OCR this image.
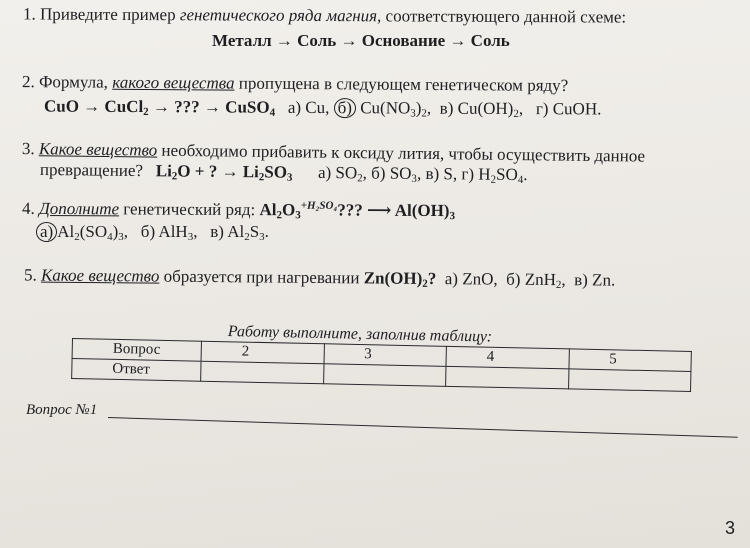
1. Приведите пример генетического ряда магния, соответствующего данной схеме:
Металл → Соль → Основание → Соль
2. Формула, какого вещества пропущена в следующем генетическом ряду?
CuO → CuCl$_2$ → ??? → CuSO$_4$ а) Cu, б) $Cu(NO_3)_2$, в) $Cu(OH)_2$, г) CuOH.
3. Какое вещество необходимо прибавить к оксиду лития, чтобы осуществить данное
превращение? $Li_2O$ + ? → $Li_2SO_3$ а) $SO_2$, б) $SO_3$, в) S, г) $H_2SO_4$.
4. Дополните генетический ряд: $Al_2O_3^{+H_2SO_4}$??? ⟶ $Al(OH)_3$
а) $Al_2(SO_4)_3$, б) AlH$_3$, в) $Al_2S_3$.
5. Какое вещество образуется при нагревании $Zn(OH)_2$? а) ZnO, б) ZnH$_2$, в) Zn.
Работу выполните, заполнив таблицу:
Вопрос	2	3	4	5
Ответ				
Вопрос №1
3
